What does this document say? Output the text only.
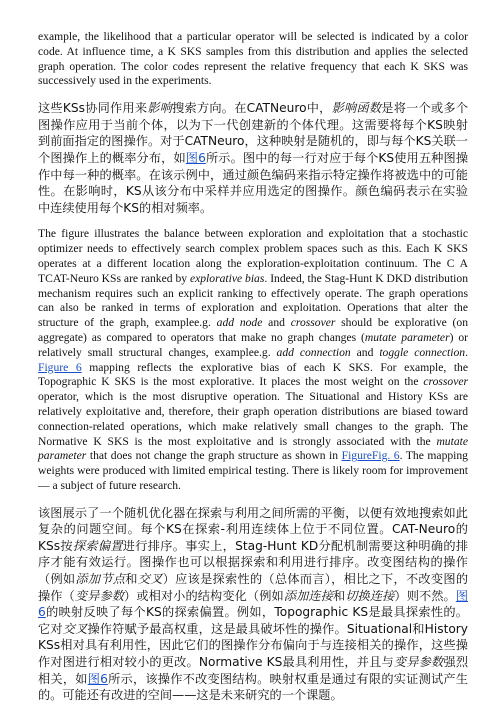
example, the likelihood that a particular operator will be selected is indicated by a color code. At influence time, a K SKS samples from this distribution and applies the selected graph operation. The color codes represent the relative frequency that each K SKS was successively used in the experiments.

这些KSs协同作用来影响搜索方向。在CATNeuro中，影响函数是将一个或多个图操作应用于当前个体，以为下一代创建新的个体代理。这需要将每个KS映射到前面指定的图操作。对于CATNeuro，这种映射是随机的，即与每个KS关联一个图操作上的概率分布，如图6所示。图中的每一行对应于每个KS使用五种图操作中每一种的概率。在该示例中，通过颜色编码来指示特定操作将被选中的可能性。在影响时，KS从该分布中采样并应用选定的图操作。颜色编码表示在实验中连续使用每个KS的相对频率。

The figure illustrates the balance between exploration and exploitation that a stochastic optimizer needs to effectively search complex problem spaces such as this. Each K SKS operates at a different location along the exploration-exploitation continuum. The C A TCAT-Neuro KSs are ranked by explorative bias. Indeed, the Stag-Hunt K DKD distribution mechanism requires such an explicit ranking to effectively operate. The graph operations can also be ranked in terms of exploration and exploitation. Operations that alter the structure of the graph, examplee.g. add node and crossover should be explorative (on aggregate) as compared to operators that make no graph changes (mutate parameter) or relatively small structural changes, examplee.g. add connection and toggle connection. Figure 6 mapping reflects the explorative bias of each K SKS. For example, the Topographic K SKS is the most explorative. It places the most weight on the crossover operator, which is the most disruptive operation. The Situational and History KSs are relatively exploitative and, therefore, their graph operation distributions are biased toward connection-related operations, which make relatively small changes to the graph. The Normative K SKS is the most exploitative and is strongly associated with the mutate parameter that does not change the graph structure as shown in FigureFig. 6. The mapping weights were produced with limited empirical testing. There is likely room for improvement — a subject of future research.

该图展示了一个随机优化器在探索与利用之间所需的平衡，以便有效地搜索如此复杂的问题空间。每个KS在探索-利用连续体上位于不同位置。CAT-Neuro的KSs按探索偏置进行排序。事实上，Stag-Hunt KD分配机制需要这种明确的排序才能有效运行。图操作也可以根据探索和利用进行排序。改变图结构的操作（例如添加节点和交叉）应该是探索性的（总体而言），相比之下，不改变图的操作（变异参数）或相对小的结构变化（例如添加连接和切换连接）则不然。图6的映射反映了每个KS的探索偏置。例如，Topographic KS是最具探索性的。它对交叉操作符赋予最高权重，这是最具破坏性的操作。Situational和History KSs相对具有利用性，因此它们的图操作分布偏向于与连接相关的操作，这些操作对图进行相对较小的更改。Normative KS最具利用性，并且与变异参数强烈相关，如图6所示，该操作不改变图结构。映射权重是通过有限的实证测试产生的。可能还有改进的空间——这是未来研究的一个课题。
